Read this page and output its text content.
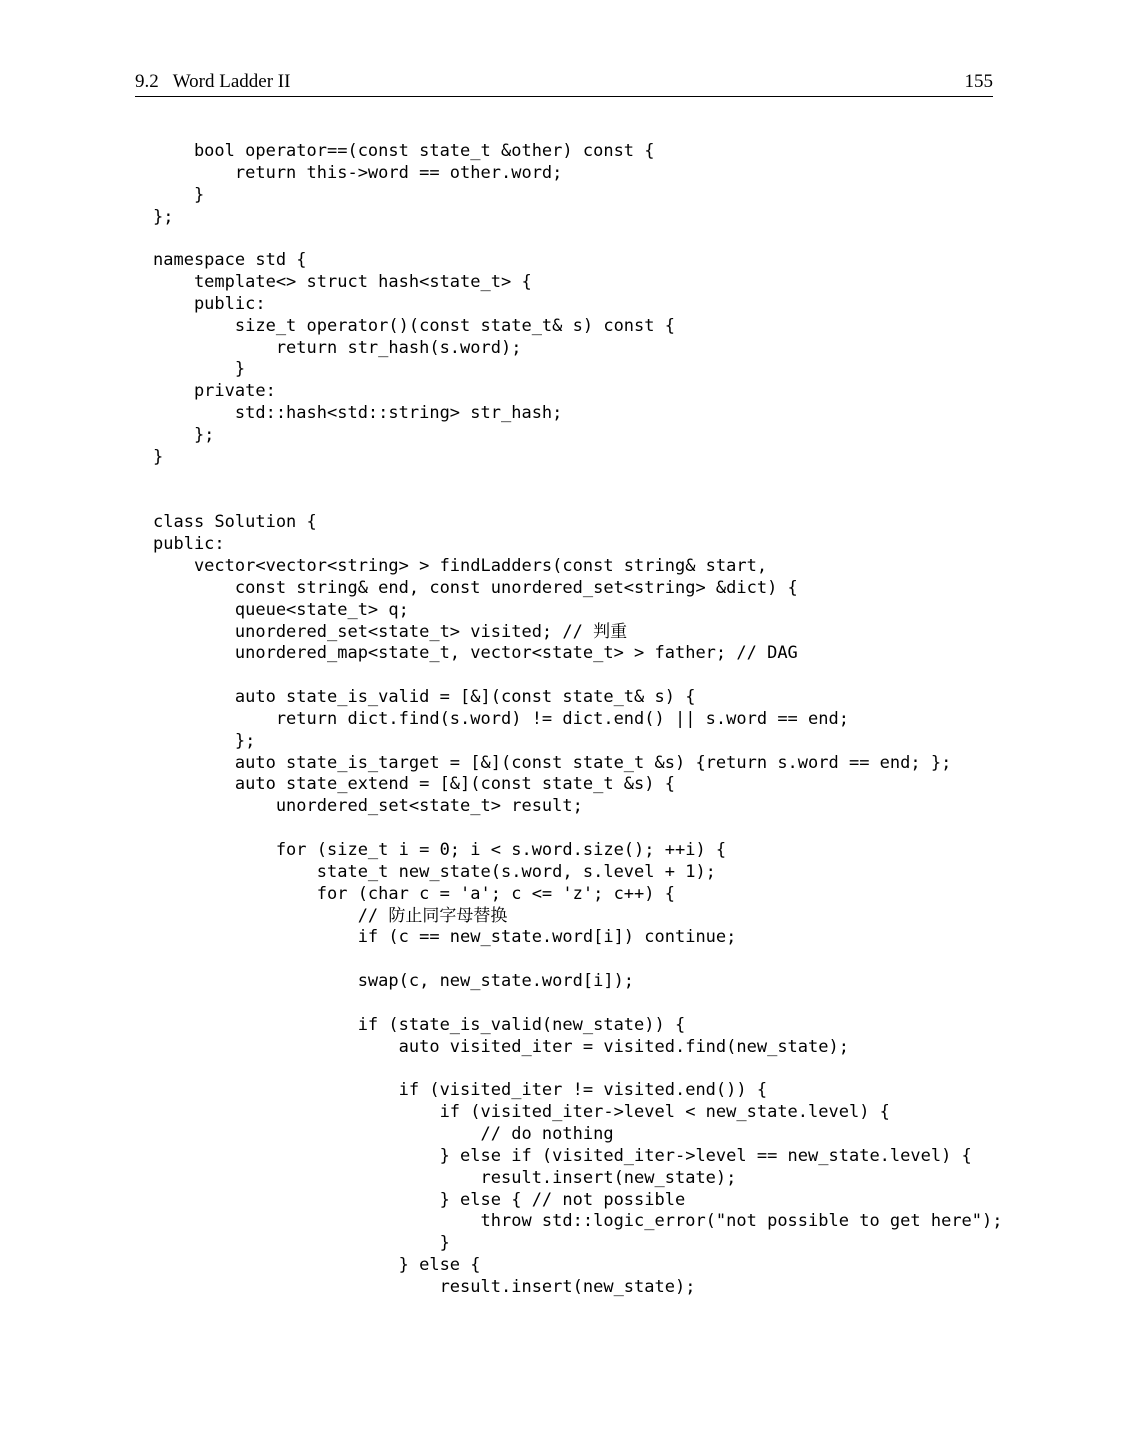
9.2 Word Ladder II	155
bool operator==(const state_t &other) const {
return this->word == other.word;
}
};
namespace std {
template<> struct hash<state_t> {
public:
size_t operator()(const state_t& s) const {
return str_hash(s.word);
}
private:
std::hash<std::string> str_hash;
};
}
class Solution {
public:
vector<vector<string> > findLadders(const string& start,
const string& end, const unordered_set<string> &dict) {
queue<state_t> q;
unordered_set<state_t> visited; // 判重
unordered_map<state_t, vector<state_t> > father; // DAG
auto state_is_valid = [&](const state_t& s) {
return dict.find(s.word) != dict.end() || s.word == end;
};
auto state_is_target = [&](const state_t &s) {return s.word == end; };
auto state_extend = [&](const state_t &s) {
unordered_set<state_t> result;
for (size_t i = 0; i < s.word.size(); ++i) {
state_t new_state(s.word, s.level + 1);
for (char c = 'a'; c <= 'z'; c++) {
// 防止同字母替换
if (c == new_state.word[i]) continue;
swap(c, new_state.word[i]);
if (state_is_valid(new_state)) {
auto visited_iter = visited.find(new_state);
if (visited_iter != visited.end()) {
if (visited_iter->level < new_state.level) {
// do nothing
} else if (visited_iter->level == new_state.level) {
result.insert(new_state);
} else { // not possible
throw std::logic_error("not possible to get here");
}
} else {
result.insert(new_state);
